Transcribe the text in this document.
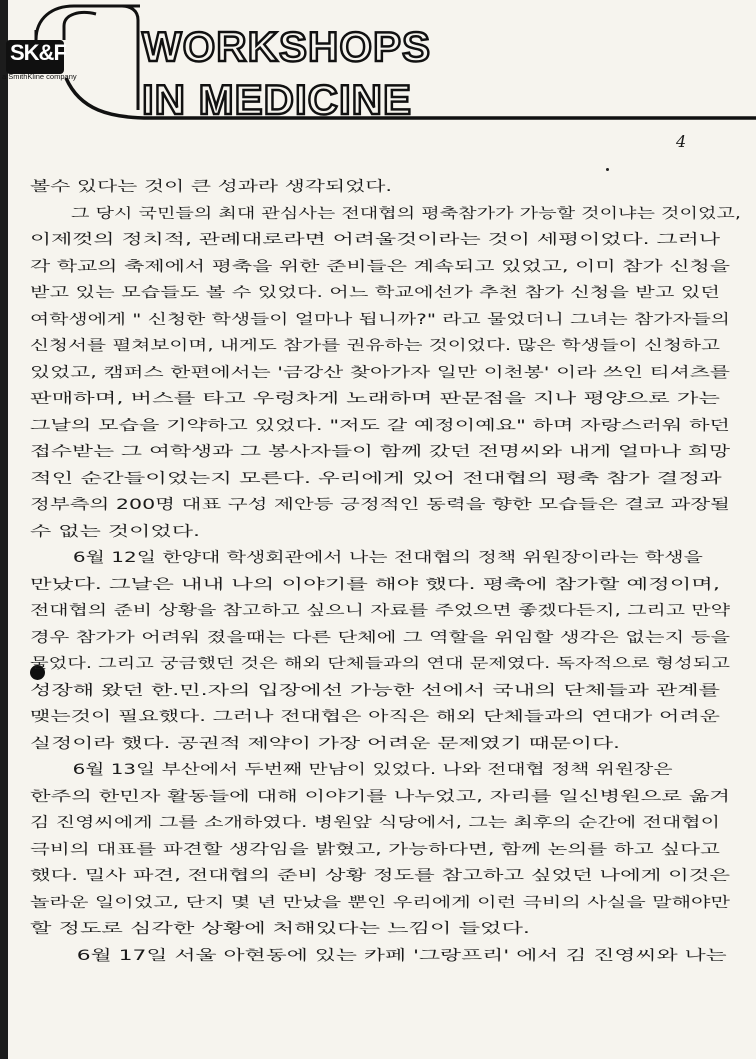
SK&F
a SmithKline company
WORKSHOPS
IN MEDICINE
4
볼수 있다는 것이 큰 성과라 생각되었다.
그 당시 국민들의 최대 관심사는 전대협의 평축참가가 가능할 것이냐는 것이었고,
이제껏의 정치적, 관례대로라면 어려울것이라는 것이 세평이었다. 그러나
각 학교의 축제에서 평축을 위한 준비들은 계속되고 있었고, 이미 참가 신청을
받고 있는 모습들도 볼 수 있었다. 어느 학교에선가 추천 참가 신청을 받고 있던
여학생에게 " 신청한 학생들이 얼마나 됩니까?" 라고 물었더니 그녀는 참가자들의
신청서를 펼쳐보이며, 내게도 참가를 권유하는 것이었다. 많은 학생들이 신청하고
있었고, 캠퍼스 한편에서는 '금강산 찾아가자 일만 이천봉' 이라 쓰인 티셔츠를
판매하며, 버스를 타고 우렁차게 노래하며 판문점을 지나 평양으로 가는
그날의 모습을 기약하고 있었다. "저도 갈 예정이예요" 하며 자랑스러워 하던
접수받는 그 여학생과 그 봉사자들이 함께 갔던 전명씨와 내게 얼마나 희망
적인 순간들이었는지 모른다. 우리에게 있어 전대협의 평축 참가 결정과
정부측의 200명 대표 구성 제안등 긍정적인 동력을 향한 모습들은 결코 과장될
수 없는 것이었다.
6월 12일 한양대 학생회관에서 나는 전대협의 정책 위원장이라는 학생을
만났다. 그날은 내내 나의 이야기를 해야 했다. 평축에 참가할 예정이며,
전대협의 준비 상황을 참고하고 싶으니 자료를 주었으면 좋겠다든지, 그리고 만약
경우 참가가 어려워 졌을때는 다른 단체에 그 역할을 위임할 생각은 없는지 등을
물었다. 그리고 궁금했던 것은 해외 단체들과의 연대 문제였다. 독자적으로 형성되고
성장해 왔던 한.민.자의 입장에선 가능한 선에서 국내의 단체들과 관계를
맺는것이 필요했다. 그러나 전대협은 아직은 해외 단체들과의 연대가 어려운
실정이라 했다. 공권적 제약이 가장 어려운 문제였기 때문이다.
6월 13일 부산에서 두번째 만남이 있었다. 나와 전대협 정책 위원장은
한주의 한민자 활동들에 대해 이야기를 나누었고, 자리를 일신병원으로 옮겨
김 진영씨에게 그를 소개하였다. 병원앞 식당에서, 그는 최후의 순간에 전대협이
극비의 대표를 파견할 생각임을 밝혔고, 가능하다면, 함께 논의를 하고 싶다고
했다. 밀사 파견, 전대협의 준비 상황 정도를 참고하고 싶었던 나에게 이것은
놀라운 일이었고, 단지 몇 년 만났을 뿐인 우리에게 이런 극비의 사실을 말해야만
할 정도로 심각한 상황에 처해있다는 느낌이 들었다.
6월 17일 서울 아현동에 있는 카페 '그랑프리' 에서 김 진영씨와 나는
